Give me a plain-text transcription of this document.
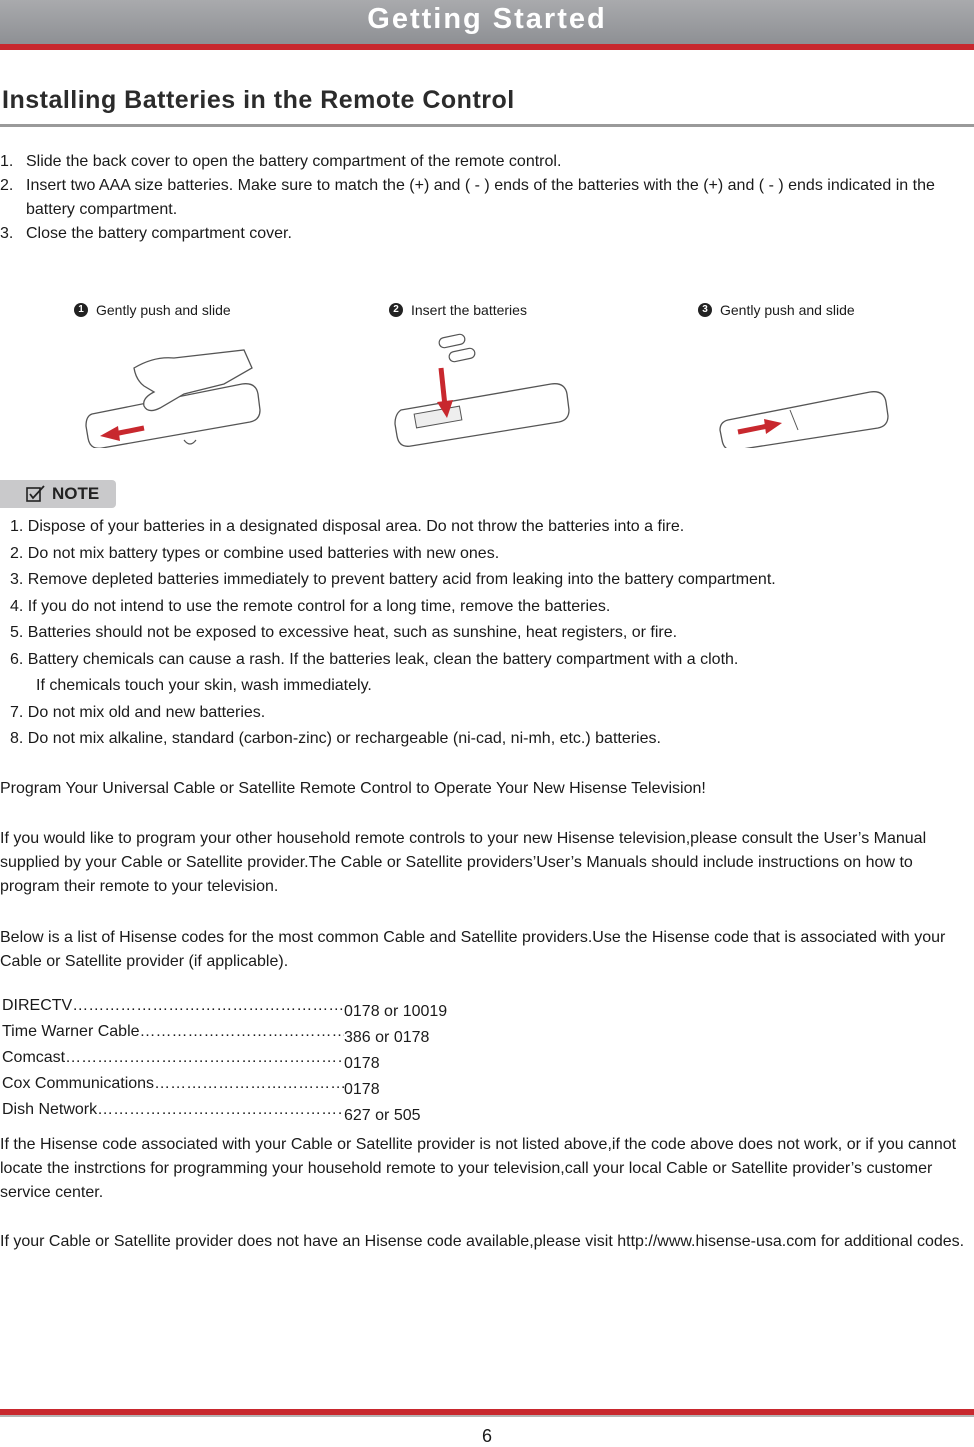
Getting Started
Installing Batteries in the Remote Control
1. Slide the back cover to open the battery compartment of the remote control.
2. Insert two AAA size batteries. Make sure to match the (+) and ( - ) ends of the batteries with the (+) and ( - ) ends indicated in the battery compartment.
3. Close the battery compartment cover.
1 Gently push and slide	2 Insert the batteries	3 Gently push and slide
NOTE
1. Dispose of your batteries in a designated disposal area. Do not throw the batteries into a fire.
2. Do not mix battery types or combine used batteries with new ones.
3. Remove depleted batteries immediately to prevent battery acid from leaking into the battery compartment.
4. If you do not intend to use the remote control for a long time, remove the batteries.
5. Batteries should not be exposed to excessive heat, such as sunshine, heat registers, or fire.
6. Battery chemicals can cause a rash. If the batteries leak, clean the battery compartment with a cloth.
If chemicals touch your skin, wash immediately.
7. Do not mix old and new batteries.
8. Do not mix alkaline, standard (carbon-zinc) or rechargeable (ni-cad, ni-mh, etc.) batteries.
Program Your Universal Cable or Satellite Remote Control to Operate Your New Hisense Television!
If you would like to program your other household remote controls to your new Hisense television,please consult the User’s Manual supplied by your Cable or Satellite provider.The Cable or Satellite providers’User’s Manuals should include instructions on how to program their remote to your television.
Below is a list of Hisense codes for the most common Cable and Satellite providers.Use the Hisense code that is associated with your Cable or Satellite provider (if applicable).
DIRECTV …………………………………………………………………………………	0178 or 10019
Time Warner Cable …………………………………………………………………………………	386 or 0178
Comcast …………………………………………………………………………………	0178
Cox Communications …………………………………………………………………………………	0178
Dish Network …………………………………………………………………………………	627 or 505
If the Hisense code associated with your Cable or Satellite provider is not listed above,if the code above does not work, or if you cannot locate the instrctions for programming your household remote to your television,call your local Cable or Satellite provider’s customer service center.
If your Cable or Satellite provider does not have an Hisense code available,please visit http://www.hisense-usa.com for additional codes.
6
